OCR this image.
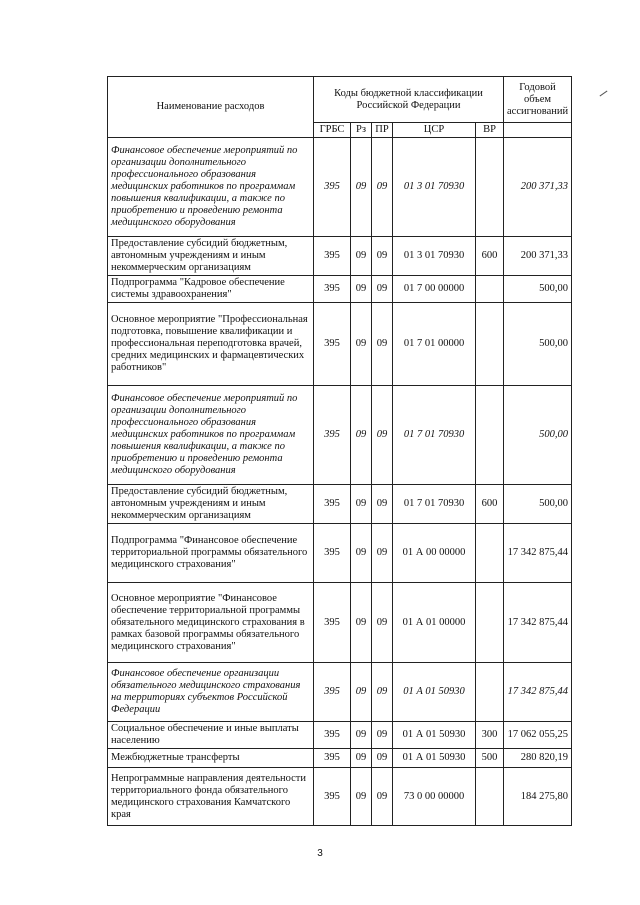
Наименование расходов	Коды бюджетной классификации Российской Федерации					Годовой объем ассигнований
	ГРБС	Рз	ПР	ЦСР	ВР	
Финансовое обеспечение мероприятий по организации дополнительного профессионального образования медицинских работников по программам повышения квалификации, а также по приобретению и проведению ремонта медицинского оборудования	395	09	09	01 3 01 70930		200 371,33
Предоставление субсидий бюджетным, автономным учреждениям и иным некоммерческим организациям	395	09	09	01 3 01 70930	600	200 371,33
Подпрограмма "Кадровое обеспечение системы здравоохранения"	395	09	09	01 7 00 00000		500,00
Основное мероприятие "Профессиональная подготовка, повышение квалификации и профессиональная переподготовка врачей, средних медицинских и фармацевтических работников"	395	09	09	01 7 01 00000		500,00
Финансовое обеспечение мероприятий по организации дополнительного профессионального образования медицинских работников по программам повышения квалификации, а также по приобретению и проведению ремонта медицинского оборудования	395	09	09	01 7 01 70930		500,00
Предоставление субсидий бюджетным, автономным учреждениям и иным некоммерческим организациям	395	09	09	01 7 01 70930	600	500,00
Подпрограмма "Финансовое обеспечение территориальной программы обязательного медицинского страхования"	395	09	09	01 А 00 00000		17 342 875,44
Основное мероприятие "Финансовое обеспечение территориальной программы обязательного медицинского страхования в рамках базовой программы обязательного медицинского страхования"	395	09	09	01 А 01 00000		17 342 875,44
Финансовое обеспечение организации обязательного медицинского страхования на территориях субъектов Российской Федерации	395	09	09	01 А 01 50930		17 342 875,44
Социальное обеспечение и иные выплаты населению	395	09	09	01 А 01 50930	300	17 062 055,25
Межбюджетные трансферты	395	09	09	01 А 01 50930	500	280 820,19
Непрограммные направления деятельности территориального фонда обязательного медицинского страхования Камчатского края	395	09	09	73 0 00 00000		184 275,80
3
